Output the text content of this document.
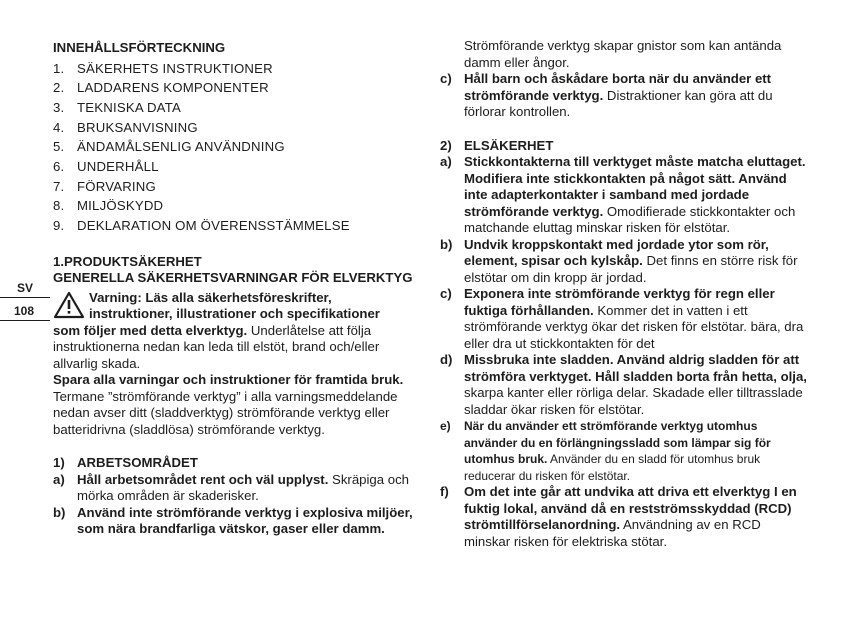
SV
108

INNEHÅLLSFÖRTECKNING

1. SÄKERHETS INSTRUKTIONER
2. LADDARENS KOMPONENTER
3. TEKNISKA DATA
4. BRUKSANVISNING
5. ÄNDAMÅLSENLIG ANVÄNDNING
6. UNDERHÅLL
7. FÖRVARING
8. MILJÖSKYDD
9. DEKLARATION OM ÖVERENSSTÄMMELSE

1.PRODUKTSÄKERHET

GENERELLA SÄKERHETSVARNINGAR FÖR ELVERKTYG

Varning: Läs alla säkerhetsföreskrifter,

instruktioner, illustrationer och specifikationer

som följer med detta elverktyg. Underlåtelse att följa instruktionerna nedan kan leda till elstöt, brand och/eller allvarlig skada.

Spara alla varningar och instruktioner för framtida bruk. Termane ”strömförande verktyg” i alla varningsmeddelande nedan avser ditt (sladdverktyg) strömförande verktyg eller batteridrivna (sladdlösa) strömförande verktyg.

1) ARBETSOMRÅDET
a) Håll arbetsområdet rent och väl upplyst. Skräpiga och mörka områden är skaderisker.
b) Använd inte strömförande verktyg i explosiva miljöer, som nära brandfarliga vätskor, gaser eller damm.
Strömförande verktyg skapar gnistor som kan antända damm eller ångor.
c) Håll barn och åskådare borta när du använder ett strömförande verktyg. Distraktioner kan göra att du förlorar kontrollen.
2) ELSÄKERHET
a) Stickkontakterna till verktyget måste matcha eluttaget. Modifiera inte stickkontakten på något sätt. Använd inte adapterkontakter i samband med jordade strömförande verktyg. Omodifierade stickkontakter och matchande eluttag minskar risken för elstötar.
b) Undvik kroppskontakt med jordade ytor som rör, element, spisar och kylskåp. Det finns en större risk för elstötar om din kropp är jordad.
c) Exponera inte strömförande verktyg för regn eller fuktiga förhållanden. Kommer det in vatten i ett strömförande verktyg ökar det risken för elstötar. bära, dra eller dra ut stickkontakten för det
d) Missbruka inte sladden. Använd aldrig sladden för att strömföra verktyget. Håll sladden borta från hetta, olja, skarpa kanter eller rörliga delar. Skadade eller tilltrasslade sladdar ökar risken för elstötar.
e) När du använder ett strömförande verktyg utomhus använder du en förlängningssladd som lämpar sig för utomhus bruk. Använder du en sladd för utomhus bruk reducerar du risken för elstötar.
f) Om det inte går att undvika att driva ett elverktyg I en fuktig lokal, använd då en restströmsskyddad (RCD) strömtillförselanordning. Användning av en RCD minskar risken för elektriska stötar.
